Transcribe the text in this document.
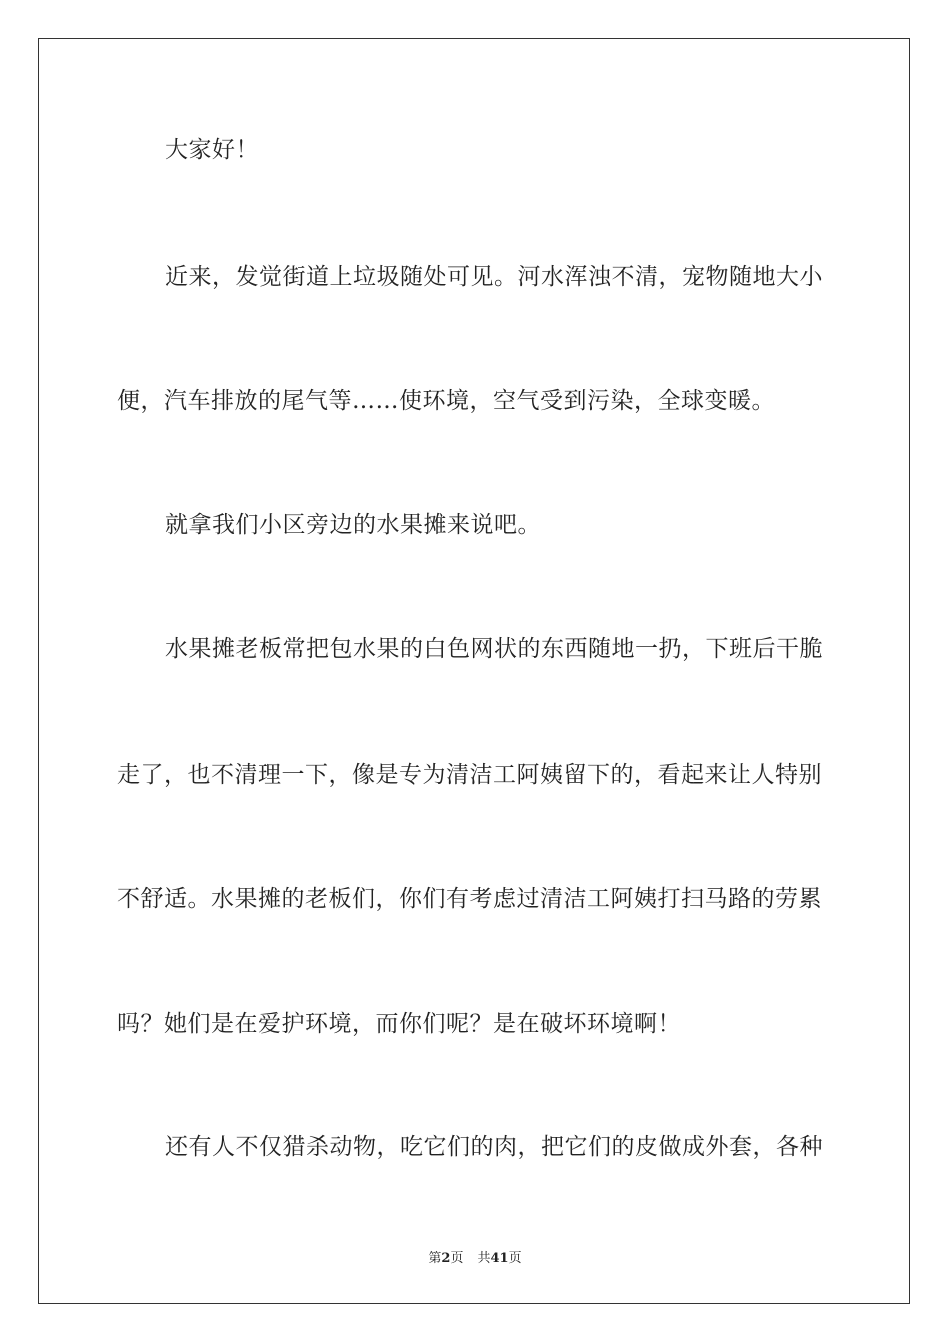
大家好！
近来，发觉街道上垃圾随处可见。河水浑浊不清，宠物随地大小
便，汽车排放的尾气等……使环境，空气受到污染，全球变暖。
就拿我们小区旁边的水果摊来说吧。
水果摊老板常把包水果的白色网状的东西随地一扔，下班后干脆
走了，也不清理一下，像是专为清洁工阿姨留下的，看起来让人特别
不舒适。水果摊的老板们，你们有考虑过清洁工阿姨打扫马路的劳累
吗？她们是在爱护环境，而你们呢？是在破坏环境啊！
还有人不仅猎杀动物，吃它们的肉，把它们的皮做成外套，各种
第2页 共41页
